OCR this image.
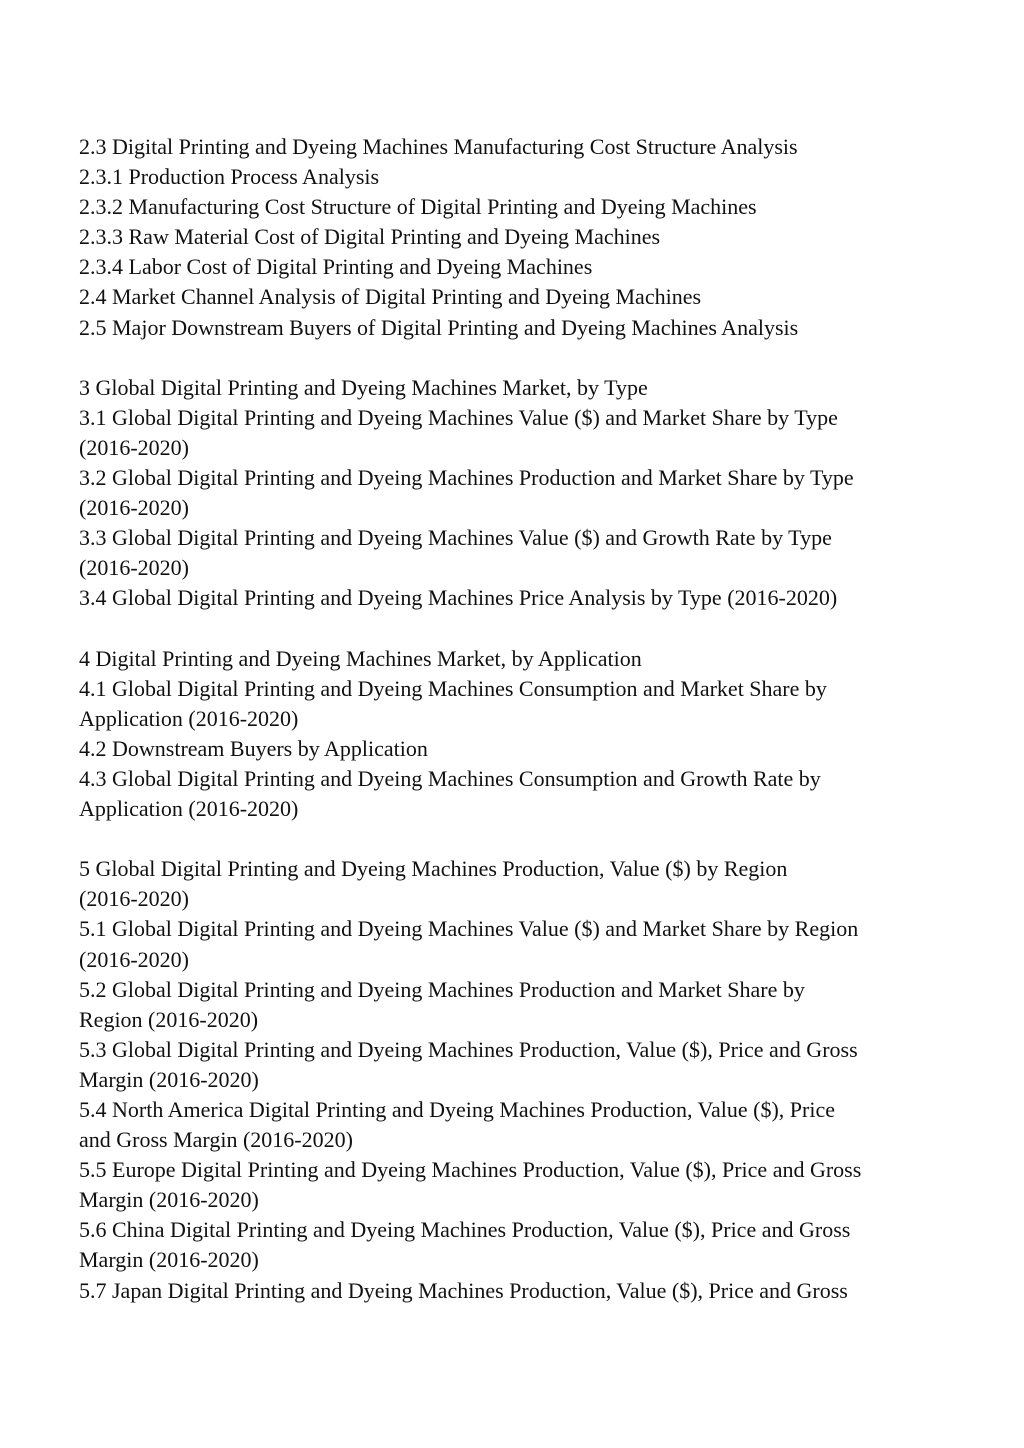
2.3 Digital Printing and Dyeing Machines Manufacturing Cost Structure Analysis
2.3.1 Production Process Analysis
2.3.2 Manufacturing Cost Structure of Digital Printing and Dyeing Machines
2.3.3 Raw Material Cost of Digital Printing and Dyeing Machines
2.3.4 Labor Cost of Digital Printing and Dyeing Machines
2.4 Market Channel Analysis of Digital Printing and Dyeing Machines
2.5 Major Downstream Buyers of Digital Printing and Dyeing Machines Analysis
3 Global Digital Printing and Dyeing Machines Market, by Type
3.1 Global Digital Printing and Dyeing Machines Value ($) and Market Share by Type
(2016-2020)
3.2 Global Digital Printing and Dyeing Machines Production and Market Share by Type
(2016-2020)
3.3 Global Digital Printing and Dyeing Machines Value ($) and Growth Rate by Type
(2016-2020)
3.4 Global Digital Printing and Dyeing Machines Price Analysis by Type (2016-2020)
4 Digital Printing and Dyeing Machines Market, by Application
4.1 Global Digital Printing and Dyeing Machines Consumption and Market Share by
Application (2016-2020)
4.2 Downstream Buyers by Application
4.3 Global Digital Printing and Dyeing Machines Consumption and Growth Rate by
Application (2016-2020)
5 Global Digital Printing and Dyeing Machines Production, Value ($) by Region
(2016-2020)
5.1 Global Digital Printing and Dyeing Machines Value ($) and Market Share by Region
(2016-2020)
5.2 Global Digital Printing and Dyeing Machines Production and Market Share by
Region (2016-2020)
5.3 Global Digital Printing and Dyeing Machines Production, Value ($), Price and Gross
Margin (2016-2020)
5.4 North America Digital Printing and Dyeing Machines Production, Value ($), Price
and Gross Margin (2016-2020)
5.5 Europe Digital Printing and Dyeing Machines Production, Value ($), Price and Gross
Margin (2016-2020)
5.6 China Digital Printing and Dyeing Machines Production, Value ($), Price and Gross
Margin (2016-2020)
5.7 Japan Digital Printing and Dyeing Machines Production, Value ($), Price and Gross
